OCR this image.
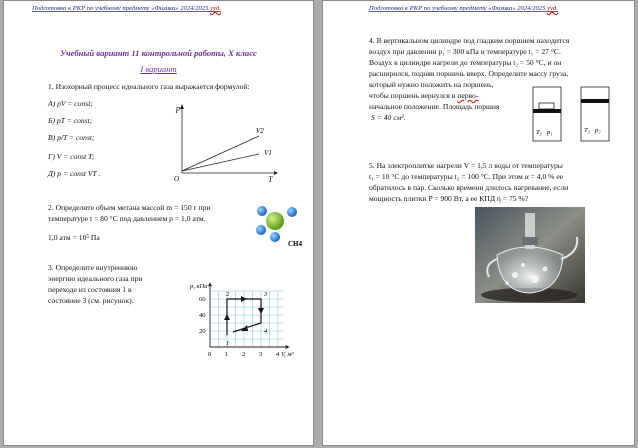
Подготовка к РКР по учебному предмету «Физика» 2024/2025 ууд.
Учебный вариант 11 контрольной работы, X класс
I вариант
1. Изохорный процесс идеального газа выражается формулой:
А) pV = const;
Б) pT = const;
В) p/T = const;
Г) V = const T;
Д) p = const VT .
p
T
O
V2
V1
2. Определите объем метана массой m = 150 г при
температуре t = 80 °C под давлением p = 1,0 атм.
1,0 атм = 10⁵ Па
CH4
3. Определите внутреннюю
энергию идеального газа при
переходе из состояния 1 в
состояние 3 (см. рисунок).
0 1 2 3 4
20
40
60
p, кПа
V, м³
1
2	3
4
Подготовка к РКР по учебному предмету «Физика» 2024/2025 ууд.
4. В вертикальном цилиндре под гладким поршнем находится
воздух при давлении p₁ = 300 кПа и температуре t₁ = 27 °C.
Воздух в цилиндре нагрели до температуры t₂ = 50 °C, и он
расширился, подняв поршень вверх. Определите массу груза,
который нужно положить на поршень,
чтобы поршень вернулся в перво-
начальное положение. Площадь поршня
S = 40 см².
T₁ p₁	T₂ p₂
5. На электроплитке нагрели V = 1,5 л воды от температуры
t₁ = 10 °C до температуры t₂ = 100 °C. При этом α = 4,0 % ее
обратилось в пар. Сколько времени длилось нагревание, если
мощность плитки P = 900 Вт, а ее КПД η = 75 %?
